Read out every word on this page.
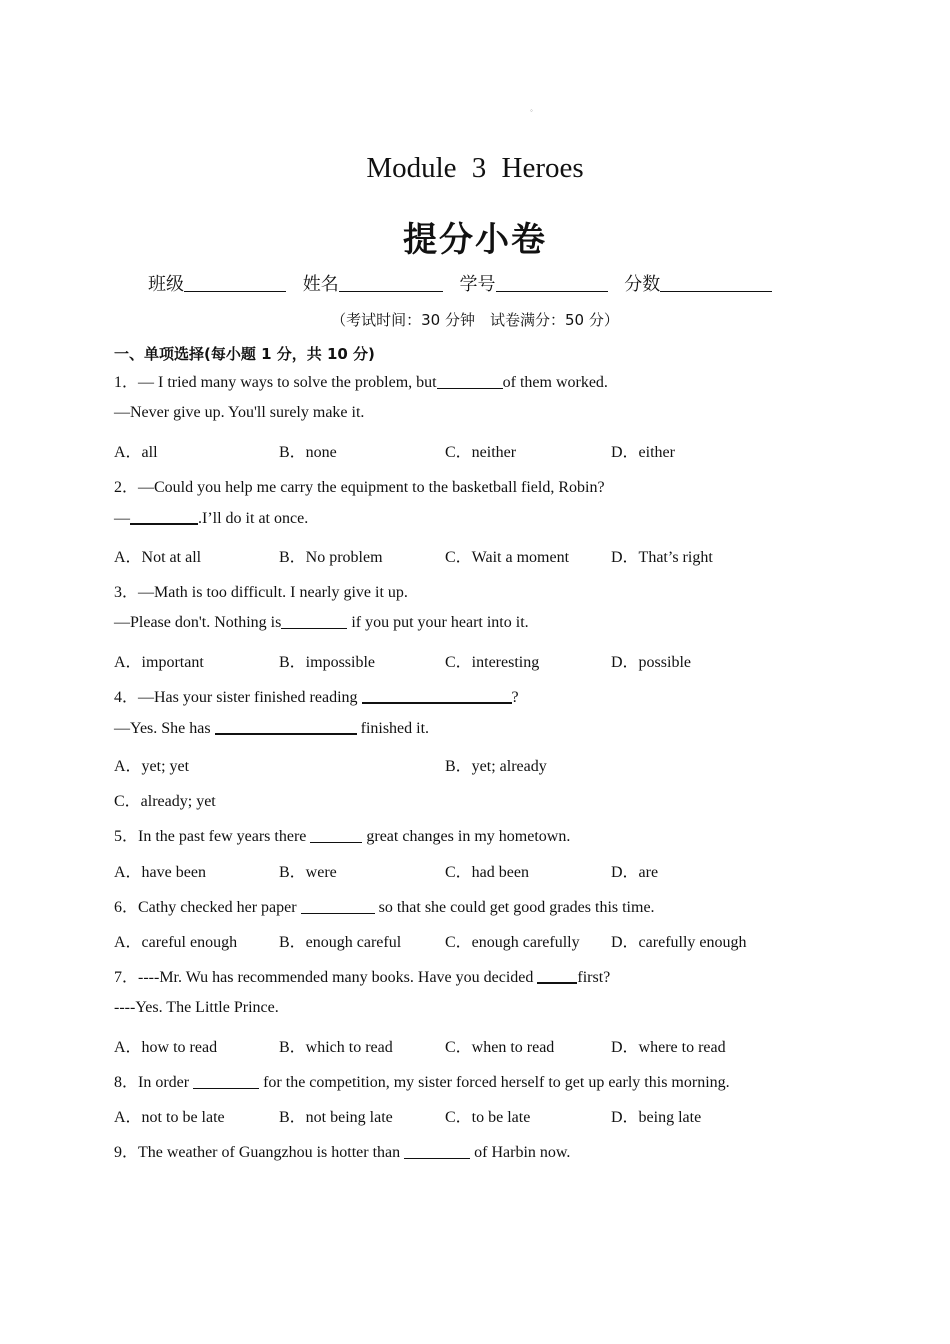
◦
Module 3 Heroes
提分小卷
班级	姓名	学号	分数
（考试时间：30 分钟　试卷满分：50 分）
一、单项选择(每小题 1 分，共 10 分)
1．— I tried many ways to solve the problem, but	of them worked.
—Never give up. You'll surely make it.
A．all	B．none	C．neither	D．either
2．—Could you help me carry the equipment to the basketball field, Robin?
—	.I’ll do it at once.
A．Not at all	B．No problem	C．Wait a moment	D．That’s right
3．—Math is too difficult. I nearly give it up.
—Please don't. Nothing is	if you put your heart into it.
A．important	B．impossible	C．interesting	D．possible
4．—Has your sister finished reading	?
—Yes. She has	finished it.
A．yet; yet	B．yet; already
C．already; yet
5．In the past few years there	great changes in my hometown.
A．have been	B．were	C．had been	D．are
6．Cathy checked her paper	so that she could get good grades this time.
A．careful enough	B．enough careful	C．enough carefully D．carefully enough
7．----Mr. Wu has recommended many books. Have you decided	first?
----Yes. The Little Prince.
A．how to read	B．which to read	C．when to read	D．where to read
8．In order	for the competition, my sister forced herself to get up early this morning.
A．not to be late	B．not being late	C．to be late	D．being late
9．The weather of Guangzhou is hotter than	of Harbin now.
